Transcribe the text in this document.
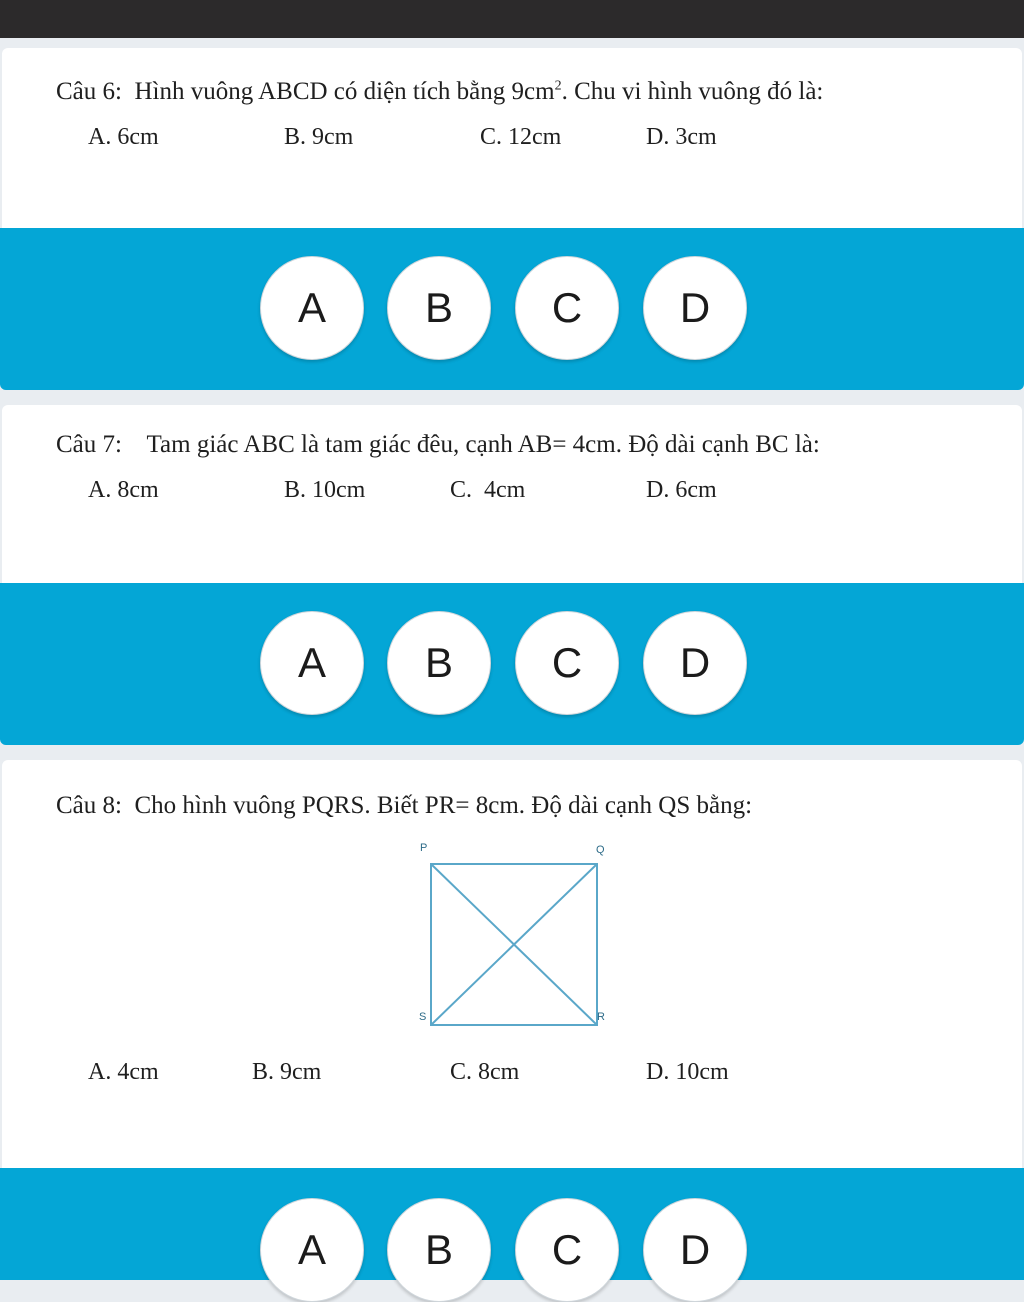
Câu 6: Hình vuông ABCD có diện tích bằng $9cm^2$. Chu vi hình vuông đó là:
A. 6cm	B. 9cm	C. 12cm	D. 3cm
A	B	C	D
Câu 7: Tam giác ABC là tam giác đêu, cạnh AB= 4cm. Độ dài cạnh BC là:
A. 8cm	B. 10cm	C.  4cm	D. 6cm
A	B	C	D
Câu 8: Cho hình vuông PQRS. Biết PR= 8cm. Độ dài cạnh QS bằng:
P	Q
R
S
A. 4cm	B. 9cm	C. 8cm	D. 10cm
A	B	C	D
